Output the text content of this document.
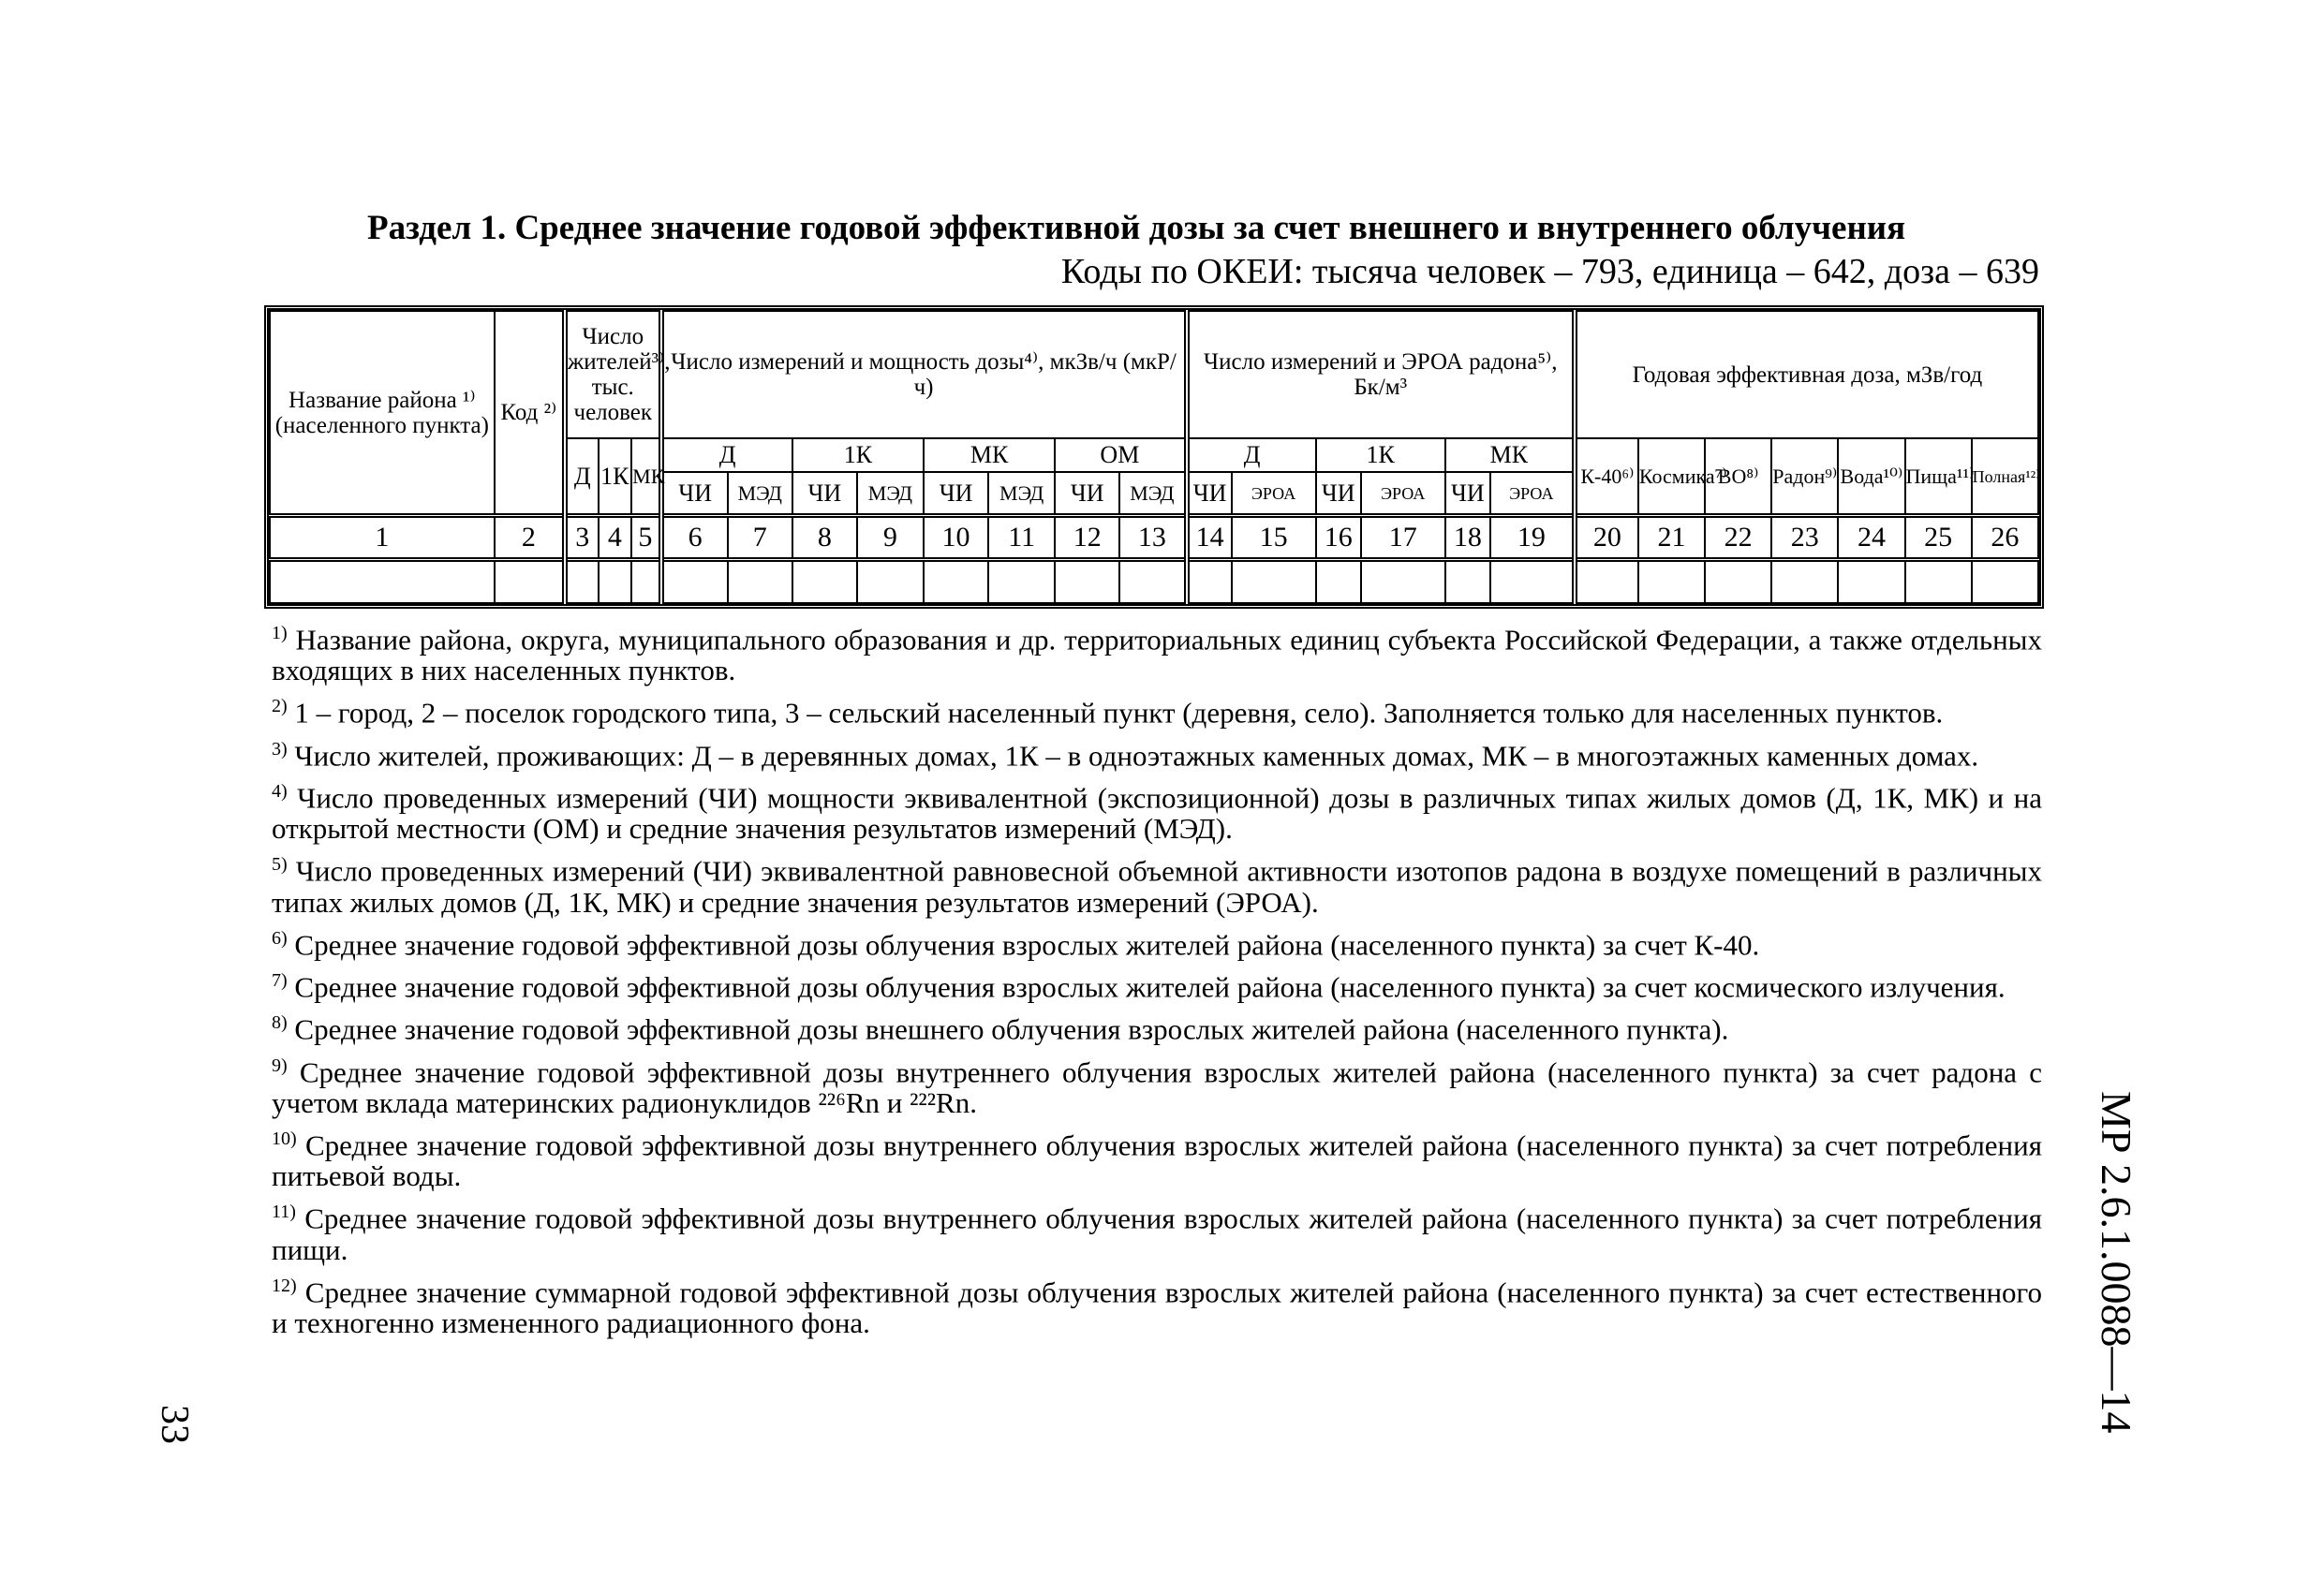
Раздел 1. Среднее значение годовой эффективной дозы за счет внешнего и внутреннего облучения
Коды по ОКЕИ: тысяча человек – 793, единица – 642, доза – 639
Название района ¹⁾ (населенного пункта)	Код ²⁾	Число жителей³⁾, тыс. человек			Число измерений и мощность дозы⁴⁾, мкЗв/ч (мкР/ч)								Число измерений и ЭРОА радона⁵⁾, Бк/м³						Годовая эффективная доза, мЗв/год						
		Д	1К	МК	Д		1К		МК		ОМ		Д		1К		МК		К-40⁶⁾	Космика⁷⁾	ВО⁸⁾	Радон⁹⁾	Вода¹⁰⁾	Пища¹¹⁾	Полная¹²⁾
					ЧИ	МЭД	ЧИ	МЭД	ЧИ	МЭД	ЧИ	МЭД	ЧИ	ЭРОА	ЧИ	ЭРОА	ЧИ	ЭРОА							
1	2	3	4	5	6	7	8	9	10	11	12	13	14	15	16	17	18	19	20	21	22	23	24	25	26

$^{1)}$ Название района, округа, муниципального образования и др. территориальных единиц субъекта Российской Федерации, а также отдельных входящих в них населенных пунктов.
$^{2)}$ 1 – город, 2 – поселок городского типа, 3 – сельский населенный пункт (деревня, село). Заполняется только для населенных пунктов.
$^{3)}$ Число жителей, проживающих: Д – в деревянных домах, 1К – в одноэтажных каменных домах, МК – в многоэтажных каменных домах.
$^{4)}$ Число проведенных измерений (ЧИ) мощности эквивалентной (экспозиционной) дозы в различных типах жилых домов (Д, 1К, МК) и на открытой местности (ОМ) и средние значения результатов измерений (МЭД).
$^{5)}$ Число проведенных измерений (ЧИ) эквивалентной равновесной объемной активности изотопов радона в воздухе помещений в различных типах жилых домов (Д, 1К, МК) и средние значения результатов измерений (ЭРОА).
$^{6)}$ Среднее значение годовой эффективной дозы облучения взрослых жителей района (населенного пункта) за счет К-40.
$^{7)}$ Среднее значение годовой эффективной дозы облучения взрослых жителей района (населенного пункта) за счет космического излучения.
$^{8)}$ Среднее значение годовой эффективной дозы внешнего облучения взрослых жителей района (населенного пункта).
$^{9)}$ Среднее значение годовой эффективной дозы внутреннего облучения взрослых жителей района (населенного пункта) за счет радона с учетом вклада материнских радионуклидов ²²⁶Rn и ²²²Rn.
$^{10)}$ Среднее значение годовой эффективной дозы внутреннего облучения взрослых жителей района (населенного пункта) за счет потребления питьевой воды.
$^{11)}$ Среднее значение годовой эффективной дозы внутреннего облучения взрослых жителей района (населенного пункта) за счет потребления пищи.
$^{12)}$ Среднее значение суммарной годовой эффективной дозы облучения взрослых жителей района (населенного пункта) за счет естественного и техногенно измененного радиационного фона.
33	МР 2.6.1.0088—14
